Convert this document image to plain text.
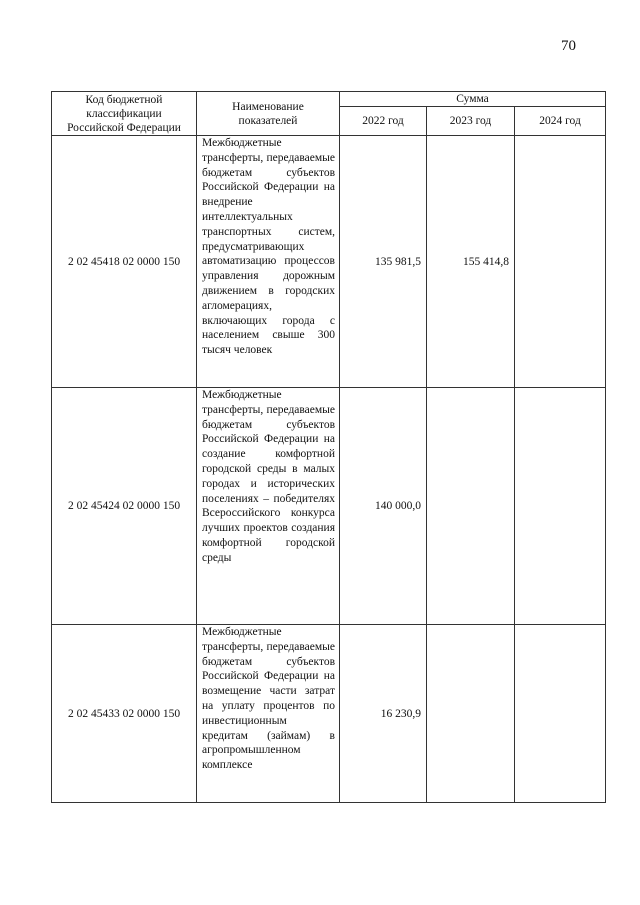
70
Код бюджетной классификации Российской Федерации	Наименование показателей	Сумма		
		2022 год	2023 год	2024 год
2 02 45418 02 0000 150	Межбюджетные трансферты, передаваемые бюджетам субъектов Российской Федерации на внедрение интеллектуальных транспортных систем, предусматривающих автоматизацию процессов управления дорожным движением в городских агломерациях, включающих города с населением свыше 300 тысяч человек	135 981,5	155 414,8	
2 02 45424 02 0000 150	Межбюджетные трансферты, передаваемые бюджетам субъектов Российской Федерации на создание комфортной городской среды в малых городах и исторических поселениях – победителях Всероссийского конкурса лучших проектов создания комфортной городской среды	140 000,0		
2 02 45433 02 0000 150	Межбюджетные трансферты, передаваемые бюджетам субъектов Российской Федерации на возмещение части затрат на уплату процентов по инвестиционным кредитам (займам) в агропромышленном комплексе	16 230,9		
